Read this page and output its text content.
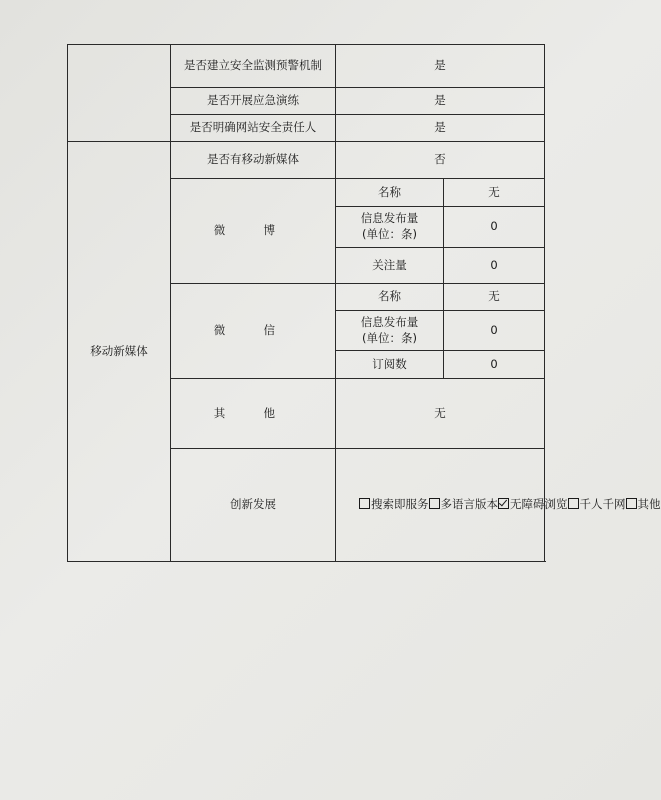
	是否建立安全监测预警机制	是	
	是否开展应急演练	是	
	是否明确网站安全责任人	是	
移动新媒体	是否有移动新媒体	否	
	微 博	名称	无

		信息发布量
(单位：条)	0
		关注量	0
	微 信	名称	无

		信息发布量
(单位：条)	0
		订阅数	0
	其 他	无	
	创新发展	搜索即服务 多语言版本 无障碍浏览 千人千网 其他	
